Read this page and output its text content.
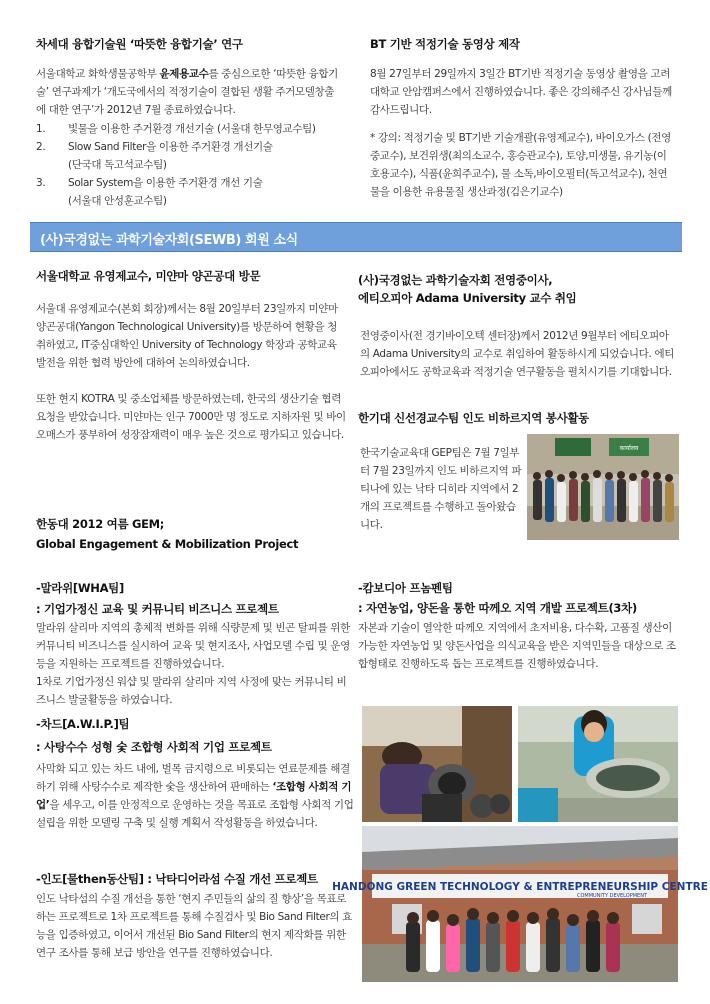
차세대 융합기술원 ‘따뜻한 융합기술’ 연구
서울대학교 화학생물공학부 윤제용교수를 중심으로한 ‘따뜻한 융합기술’ 연구과제가 ‘개도국에서의 적정기술이 결합된 생활 주거모델창출에 대한 연구’가 2012년 7월 종료하였습니다.
1.	빛물을 이용한 주거환경 개선기술 (서울대 한무영교수팀)
2.	Slow Sand Filter을 이용한 주거환경 개선기술
(단국대 독고석교수팀)
3.	Solar System을 이용한 주거환경 개선 기술
(서울대 안성훈교수팀)
BT 기반 적정기술 동영상 제작
8월 27일부터 29일까지 3일간 BT기반 적정기술 동영상 촬영을 고려대학교 안암캠퍼스에서 진행하였습니다. 좋은 강의해주신 강사님들께 감사드립니다.
* 강의: 적정기술 및 BT기반 기술개괄(유영제교수), 바이오가스 (전영중교수), 보건위생(최의소교수, 홍승관교수), 토양,미생물, 유기농(이호용교수), 식품(윤희주교수), 물 소독,바이오필터(독고석교수), 천연물을 이용한 유용물질 생산과정(김은기교수)
(사)국경없는 과학기술자회(SEWB) 회원 소식
서울대학교 유영제교수, 미얀마 양곤공대 방문
서울대 유영제교수(본회 회장)께서는 8월 20일부터 23일까지 미얀마 양곤공대(Yangon Technological University)를 방문하여 현황을 청취하였고, IT중심대학인 University of Technology 학장과 공학교육 발전을 위한 협력 방안에 대하여 논의하였습니다.
또한 현지 KOTRA 및 중소업체를 방문하였는데, 한국의 생산기술 협력 요청을 받았습니다. 미얀마는 인구 7000만 명 정도로 지하자원 및 바이오매스가 풍부하여 성장잠재력이 매우 높은 것으로 평가되고 있습니다.
(사)국경없는 과학기술자회 전영중이사,
에티오피아 Adama University 교수 취임
전영중이사(전 경기바이오텍 센터장)께서 2012년 9월부터 에티오피아의 Adama University의 교수로 취임하여 활동하시게 되었습니다. 에티오피아에서도 공학교육과 적정기술 연구활동을 펼치시기를 기대합니다.
한기대 신선경교수팀 인도 비하르지역 봉사활동
한국기술교육대 GEP팀은 7월 7일부터 7월 23일까지 인도 비하르지역 파티나에 있는 낙타 디히라 지역에서 2개의 프로젝트를 수행하고 돌아왔습니다.
कार्यालय
한동대 2012 여름 GEM;
Global Engagement & Mobilization Project
-말라위[WHA팀]
: 기업가정신 교육 및 커뮤니티 비즈니스 프로젝트
말라위 살리마 지역의 총체적 변화를 위해 식량문제 및 빈곤 탈피를 위한 커뮤니티 비즈니스를 실시하여 교육 및 현지조사, 사업모델 수립 및 운영 등을 지원하는 프로젝트를 진행하였습니다.
1차로 기업가정신 워샵 및 말라위 살리마 지역 사정에 맞는 커뮤니티 비즈니스 발굴활동을 하였습니다.
-차드[A.W.I.P.]팀
: 사탕수수 성형 숯 조합형 사회적 기업 프로젝트
사막화 되고 있는 차드 내에, 벌목 금지령으로 비롯되는 연료문제를 해결하기 위해 사탕수수로 제작한 숯을 생산하여 판매하는 ‘조합형 사회적 기업’을 세우고, 이를 안정적으로 운영하는 것을 목표로 조합형 사회적 기업 설립을 위한 모델링 구축 및 실행 계획서 작성활동을 하였습니다.
-인도[물then동산팀] : 낙타디어라섬 수질 개선 프로젝트
인도 낙타섬의 수질 개선을 통한 ‘현지 주민들의 삶의 질 향상’을 목표로 하는 프로젝트로 1차 프로젝트를 통해 수질검사 및 Bio Sand Filter의 효능을 입증하였고, 이어서 개선된 Bio Sand Filter의 현지 제작화를 위한 연구 조사를 통해 보급 방안을 연구를 진행하였습니다.
-캄보디아 프놈펜팀
: 자연농업, 양돈을 통한 따께오 지역 개발 프로젝트(3차)
자본과 기술이 열악한 따께오 지역에서 초저비용, 다수확, 고품질 생산이 가능한 자연농업 및 양돈사업을 의식교육을 받은 지역민들을 대상으로 조합형태로 진행하도록 돕는 프로젝트를 진행하였습니다.
HANDONG GREEN TECHNOLOGY & ENTREPRENEURSHIP CENTRE
COMMUNITY DEVELOPMENT
